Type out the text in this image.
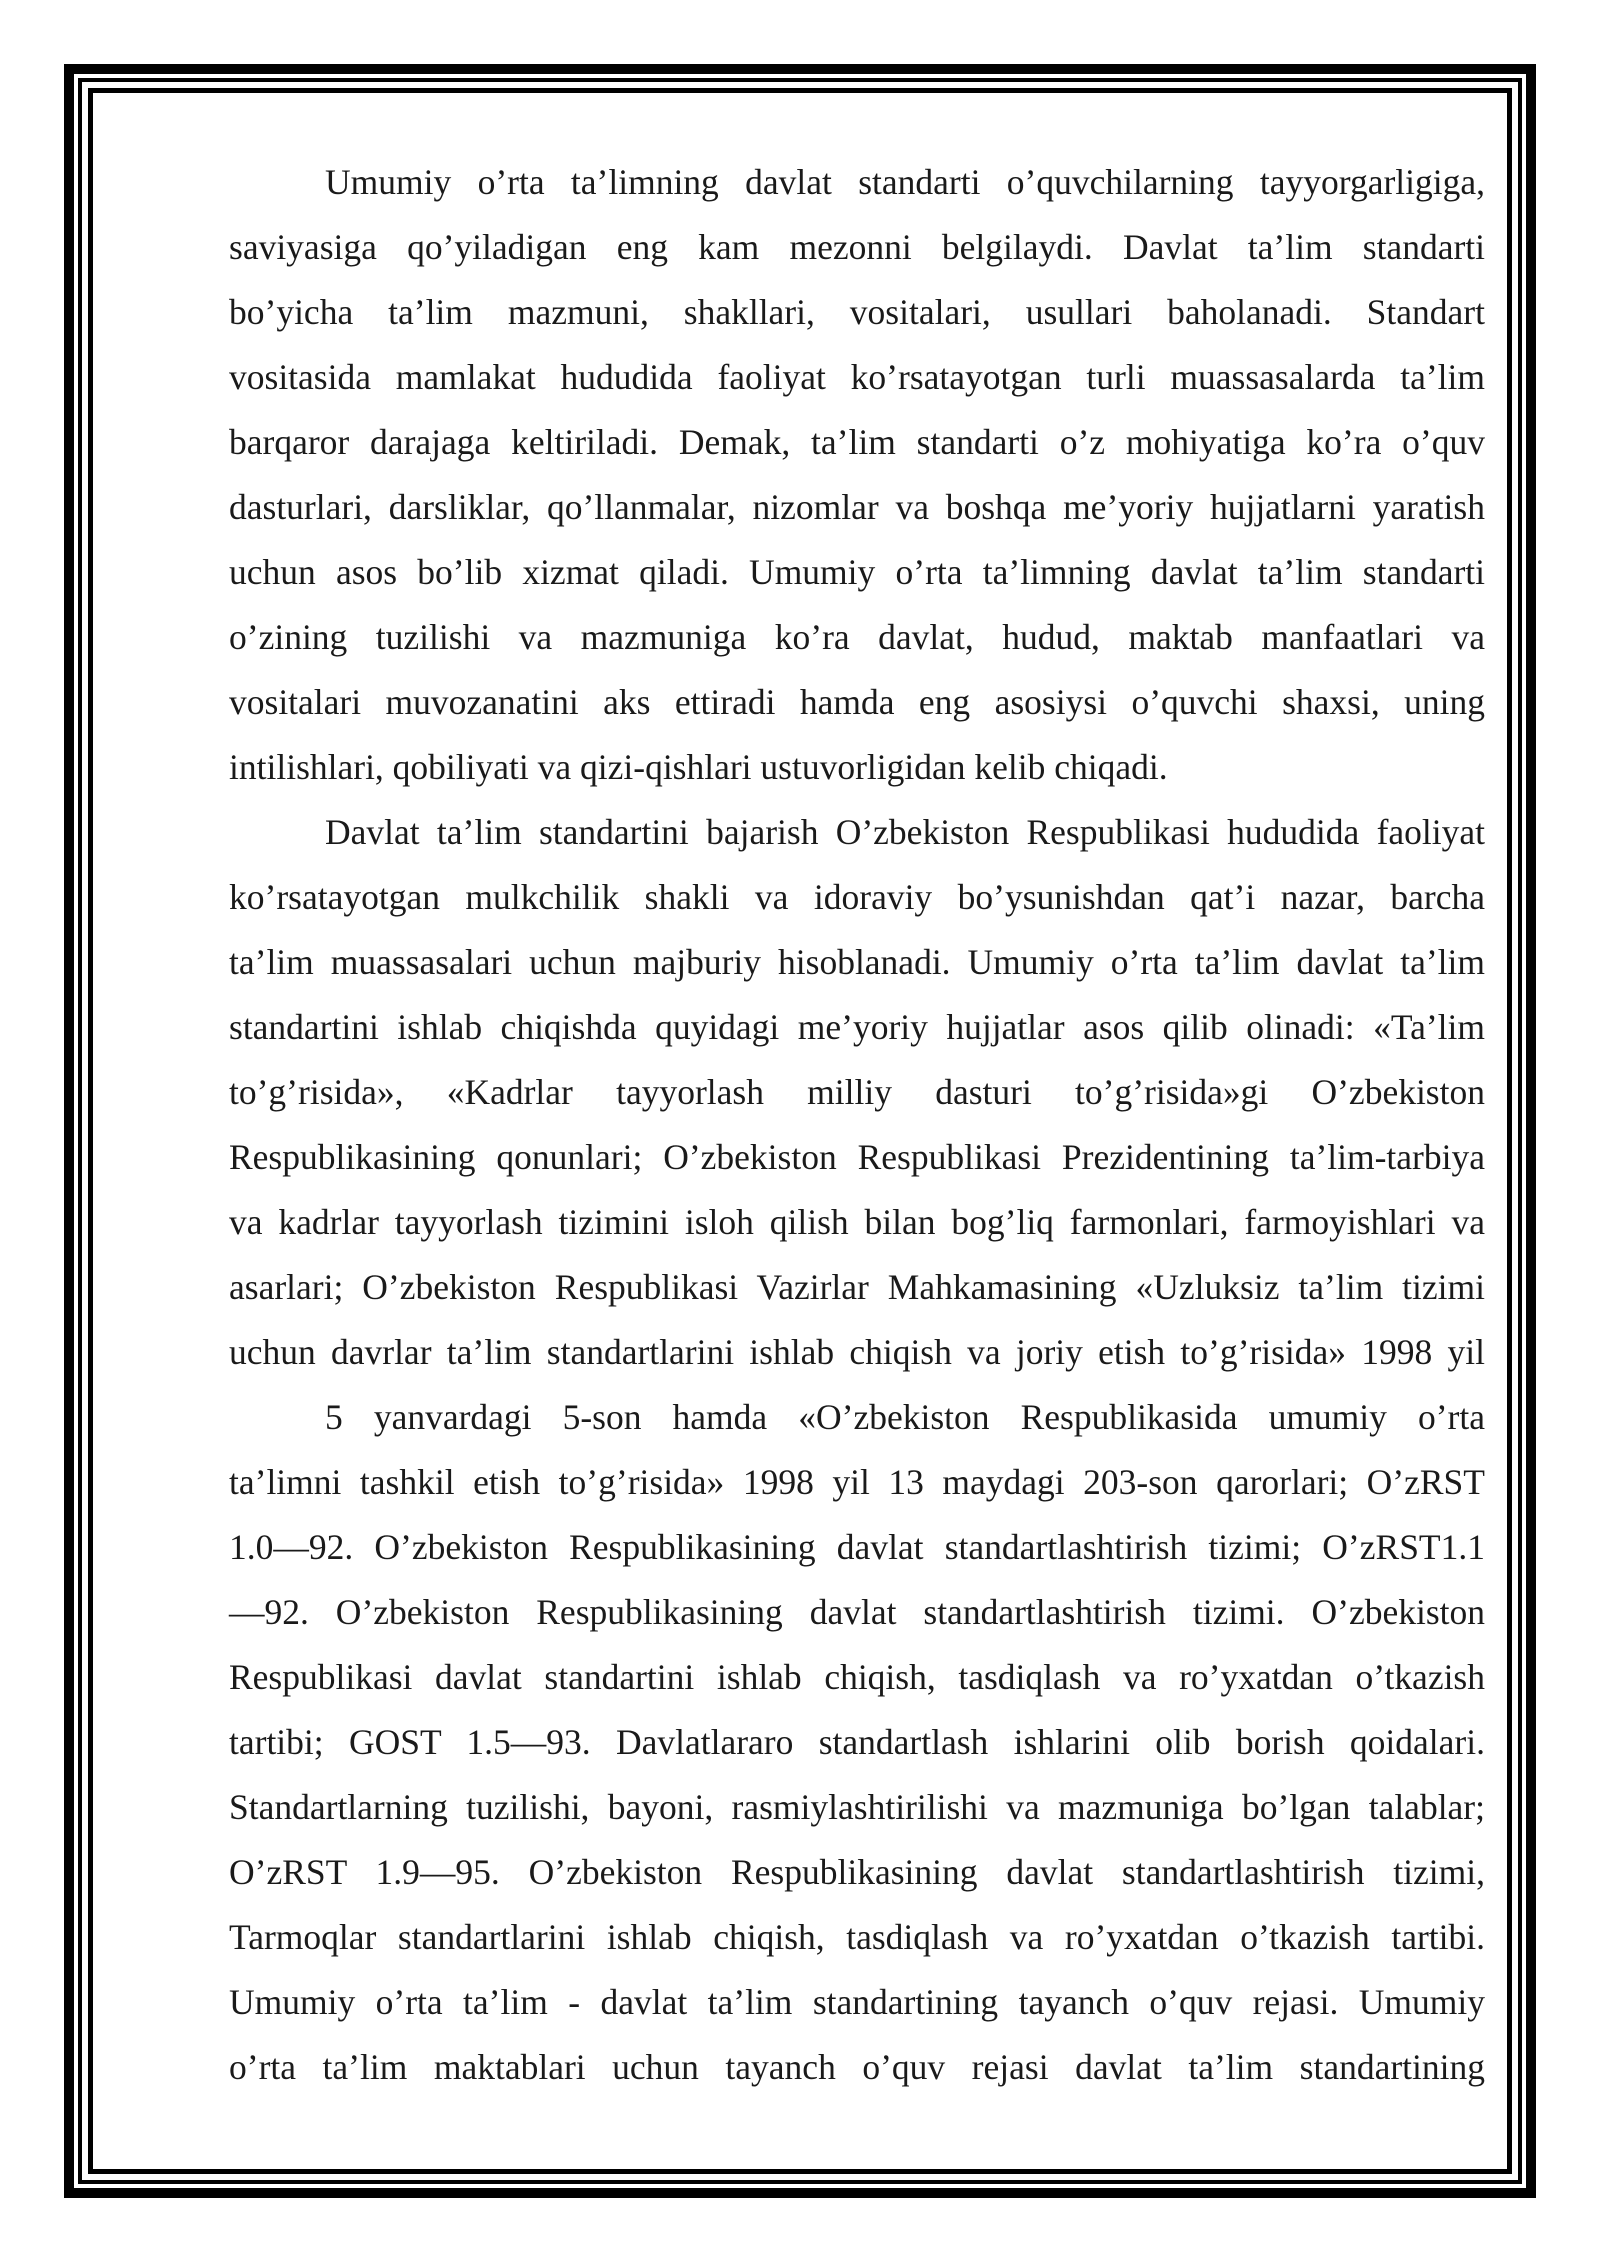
Umumiy o’rta ta’limning davlat standarti o’quvchilarning tayyorgarligiga,
saviyasiga qo’yiladigan eng kam mezonni belgilaydi. Davlat ta’lim standarti
bo’yicha ta’lim mazmuni, shakllari, vositalari, usullari baholanadi. Standart
vositasida mamlakat hududida faoliyat ko’rsatayotgan turli muassasalarda ta’lim
barqaror darajaga keltiriladi. Demak, ta’lim standarti o’z mohiyatiga ko’ra o’quv
dasturlari, darsliklar, qo’llanmalar, nizomlar va boshqa me’yoriy hujjatlarni yaratish
uchun asos bo’lib xizmat qiladi. Umumiy o’rta ta’limning davlat ta’lim standarti
o’zining tuzilishi va mazmuniga ko’ra davlat, hudud, maktab manfaatlari va
vositalari muvozanatini aks ettiradi hamda eng asosiysi o’quvchi shaxsi, uning
intilishlari, qobiliyati va qizi-qishlari ustuvorligidan kelib chiqadi.

Davlat ta’lim standartini bajarish O’zbekiston Respublikasi hududida faoliyat
ko’rsatayotgan mulkchilik shakli va idoraviy bo’ysunishdan qat’i nazar, barcha
ta’lim muassasalari uchun majburiy hisoblanadi. Umumiy o’rta ta’lim davlat ta’lim
standartini ishlab chiqishda quyidagi me’yoriy hujjatlar asos qilib olinadi: «Ta’lim
to’g’risida», «Kadrlar tayyorlash milliy dasturi to’g’risida»gi O’zbekiston
Respublikasining qonunlari; O’zbekiston Respublikasi Prezidentining ta’lim-tarbiya
va kadrlar tayyorlash tizimini isloh qilish bilan bog’liq farmonlari, farmoyishlari va
asarlari; O’zbekiston Respublikasi Vazirlar Mahkamasining «Uzluksiz ta’lim tizimi
uchun davrlar ta’lim standartlarini ishlab chiqish va joriy etish to’g’risida» 1998 yil

5 yanvardagi 5-son hamda «O’zbekiston Respublikasida umumiy o’rta
ta’limni tashkil etish to’g’risida» 1998 yil 13 maydagi 203-son qarorlari; O’zRST
1.0—92. O’zbekiston Respublikasining davlat standartlashtirish tizimi; O’zRST1.1
—92. O’zbekiston Respublikasining davlat standartlashtirish tizimi. O’zbekiston
Respublikasi davlat standartini ishlab chiqish, tasdiqlash va ro’yxatdan o’tkazish
tartibi; GOST 1.5—93. Davlatlararo standartlash ishlarini olib borish qoidalari.
Standartlarning tuzilishi, bayoni, rasmiylashtirilishi va mazmuniga bo’lgan talablar;
O’zRST 1.9—95. O’zbekiston Respublikasining davlat standartlashtirish tizimi,
Tarmoqlar standartlarini ishlab chiqish, tasdiqlash va ro’yxatdan o’tkazish tartibi.
Umumiy o’rta ta’lim - davlat ta’lim standartining tayanch o’quv rejasi. Umumiy
o’rta ta’lim maktablari uchun tayanch o’quv rejasi davlat ta’lim standartining
